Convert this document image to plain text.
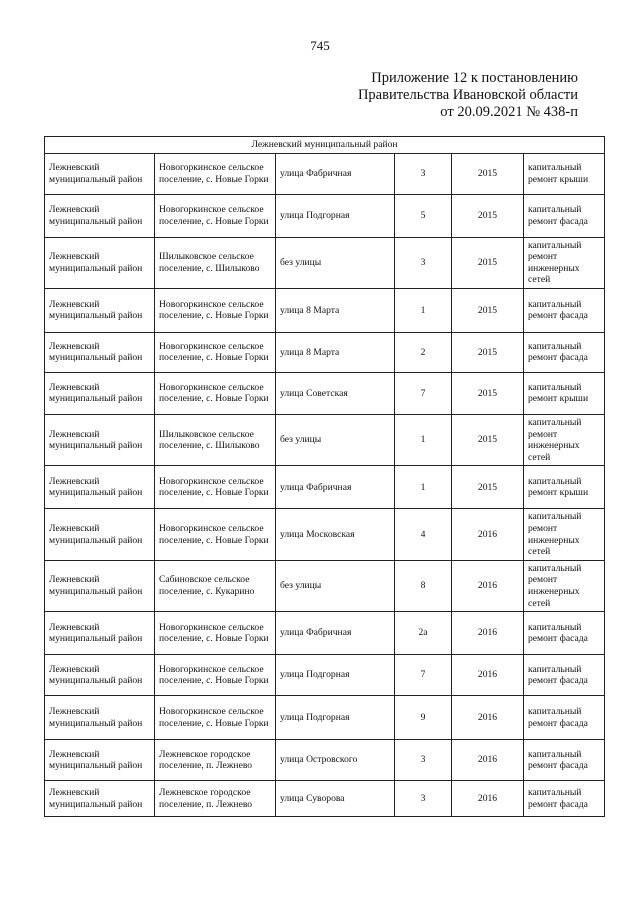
745
Приложение 12 к постановлению
Правительства Ивановской области
от 20.09.2021 № 438-п
Лежневский муниципальный район					
Лежневский муниципальный район	Новогоркинское сельское поселение, с. Новые Горки	улица Фабричная	3	2015	капитальный ремонт крыши
Лежневский муниципальный район	Новогоркинское сельское поселение, с. Новые Горки	улица Подгорная	5	2015	капитальный ремонт фасада
Лежневский муниципальный район	Шилыковское сельское поселение, с. Шилыково	без улицы	3	2015	капитальный ремонт инженерных сетей
Лежневский муниципальный район	Новогоркинское сельское поселение, с. Новые Горки	улица 8 Марта	1	2015	капитальный ремонт фасада
Лежневский муниципальный район	Новогоркинское сельское поселение, с. Новые Горки	улица 8 Марта	2	2015	капитальный ремонт фасада
Лежневский муниципальный район	Новогоркинское сельское поселение, с. Новые Горки	улица Советская	7	2015	капитальный ремонт крыши
Лежневский муниципальный район	Шилыковское сельское поселение, с. Шилыково	без улицы	1	2015	капитальный ремонт инженерных сетей
Лежневский муниципальный район	Новогоркинское сельское поселение, с. Новые Горки	улица Фабричная	1	2015	капитальный ремонт крыши
Лежневский муниципальный район	Новогоркинское сельское поселение, с. Новые Горки	улица Московская	4	2016	капитальный ремонт инженерных сетей
Лежневский муниципальный район	Сабиновское сельское поселение, с. Кукарино	без улицы	8	2016	капитальный ремонт инженерных сетей
Лежневский муниципальный район	Новогоркинское сельское поселение, с. Новые Горки	улица Фабричная	2а	2016	капитальный ремонт фасада
Лежневский муниципальный район	Новогоркинское сельское поселение, с. Новые Горки	улица Подгорная	7	2016	капитальный ремонт фасада
Лежневский муниципальный район	Новогоркинское сельское поселение, с. Новые Горки	улица Подгорная	9	2016	капитальный ремонт фасада
Лежневский муниципальный район	Лежневское городское поселение, п. Лежнево	улица Островского	3	2016	капитальный ремонт фасада
Лежневский муниципальный район	Лежневское городское поселение, п. Лежнево	улица Суворова	3	2016	капитальный ремонт фасада
